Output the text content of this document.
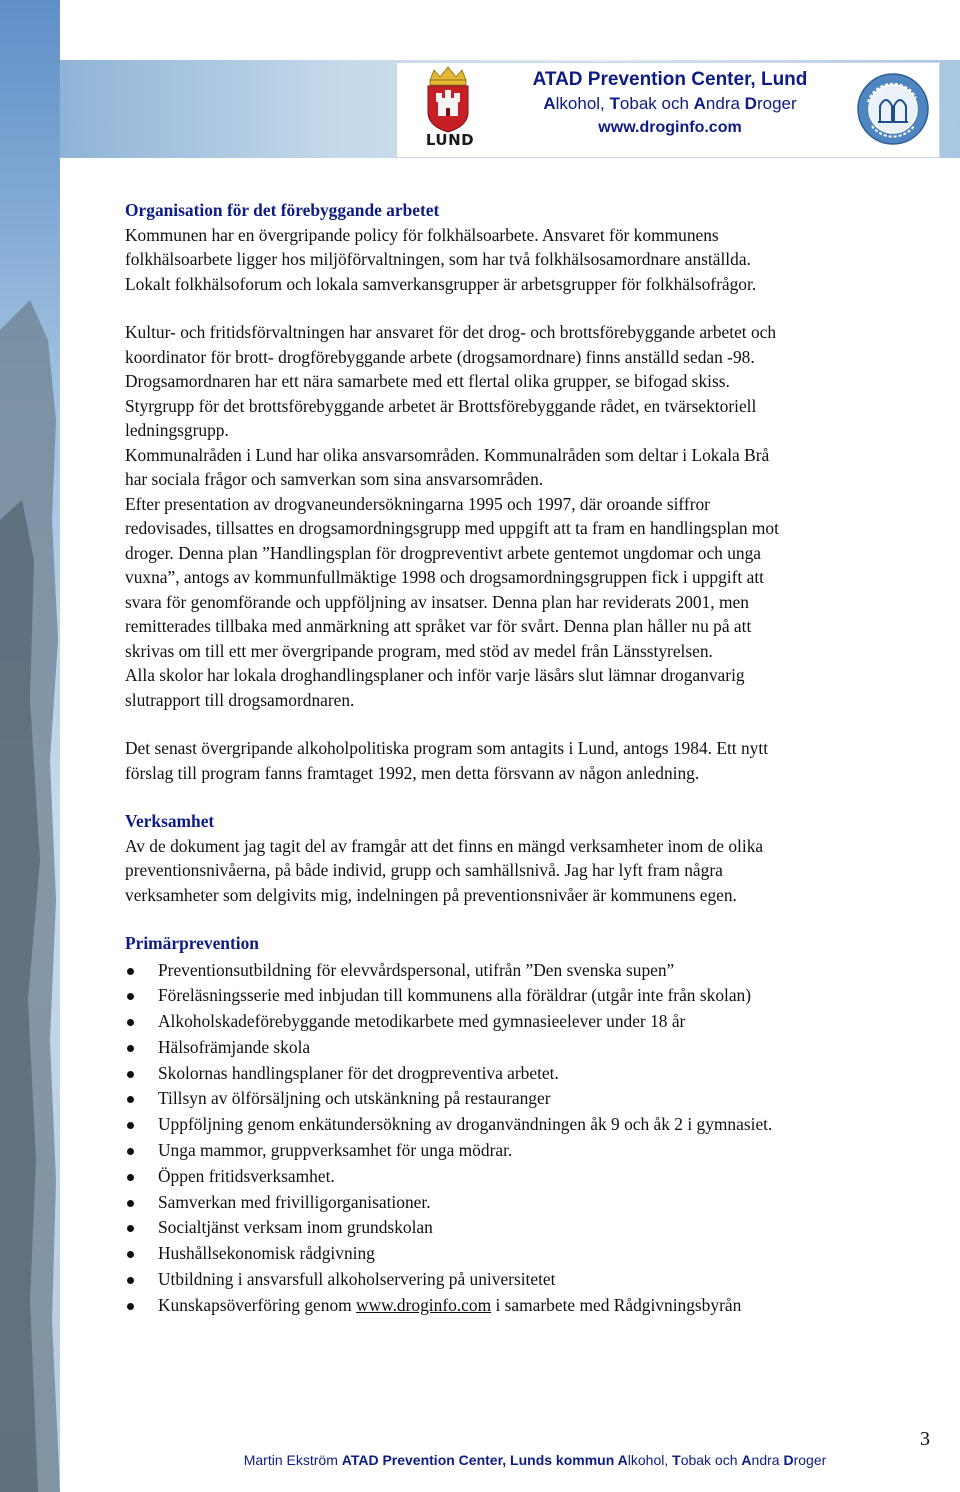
LUND
ATAD Prevention Center, Lund
Alkohol, Tobak och Andra Droger
www.droginfo.com

Organisation för det förebyggande arbetet

Kommunen har en övergripande policy för folkhälsoarbete. Ansvaret för kommunens

folkhälsoarbete ligger hos miljöförvaltningen, som har två folkhälsosamordnare anställda.

Lokalt folkhälsoforum och lokala samverkansgrupper är arbetsgrupper för folkhälsofrågor.

Kultur- och fritidsförvaltningen har ansvaret för det drog- och brottsförebyggande arbetet och

koordinator för brott- drogförebyggande arbete (drogsamordnare) finns anställd sedan -98.

Drogsamordnaren har ett nära samarbete med ett flertal olika grupper, se bifogad skiss.

Styrgrupp för det brottsförebyggande arbetet är Brottsförebyggande rådet, en tvärsektoriell

ledningsgrupp.

Kommunalråden i Lund har olika ansvarsområden. Kommunalråden som deltar i Lokala Brå

har sociala frågor och samverkan som sina ansvarsområden.

Efter presentation av drogvaneundersökningarna 1995 och 1997, där oroande siffror

redovisades, tillsattes en drogsamordningsgrupp med uppgift att ta fram en handlingsplan mot

droger. Denna plan ”Handlingsplan för drogpreventivt arbete gentemot ungdomar och unga

vuxna”, antogs av kommunfullmäktige 1998 och drogsamordningsgruppen fick i uppgift att

svara för genomförande och uppföljning av insatser. Denna plan har reviderats 2001, men

remitterades tillbaka med anmärkning att språket var för svårt. Denna plan håller nu på att

skrivas om till ett mer övergripande program, med stöd av medel från Länsstyrelsen.

Alla skolor har lokala droghandlingsplaner och inför varje läsårs slut lämnar droganvarig

slutrapport till drogsamordnaren.

Det senast övergripande alkoholpolitiska program som antagits i Lund, antogs 1984. Ett nytt

förslag till program fanns framtaget 1992, men detta försvann av någon anledning.

Verksamhet

Av de dokument jag tagit del av framgår att det finns en mängd verksamheter inom de olika

preventionsnivåerna, på både individ, grupp och samhällsnivå. Jag har lyft fram några

verksamheter som delgivits mig, indelningen på preventionsnivåer är kommunens egen.

Primärprevention

Preventionsutbildning för elevvårdspersonal, utifrån ”Den svenska supen”
Föreläsningsserie med inbjudan till kommunens alla föräldrar (utgår inte från skolan)
Alkoholskadeförebyggande metodikarbete med gymnasieelever under 18 år
Hälsofrämjande skola
Skolornas handlingsplaner för det drogpreventiva arbetet.
Tillsyn av ölförsäljning och utskänkning på restauranger
Uppföljning genom enkätundersökning av droganvändningen åk 9 och åk 2 i gymnasiet.
Unga mammor, gruppverksamhet för unga mödrar.
Öppen fritidsverksamhet.
Samverkan med frivilligorganisationer.
Socialtjänst verksam inom grundskolan
Hushållsekonomisk rådgivning
Utbildning i ansvarsfull alkoholservering på universitetet
Kunskapsöverföring genom www.droginfo.com i samarbete med Rådgivningsbyrån
3
Martin Ekström ATAD Prevention Center, Lunds kommun Alkohol, Tobak och Andra Droger
